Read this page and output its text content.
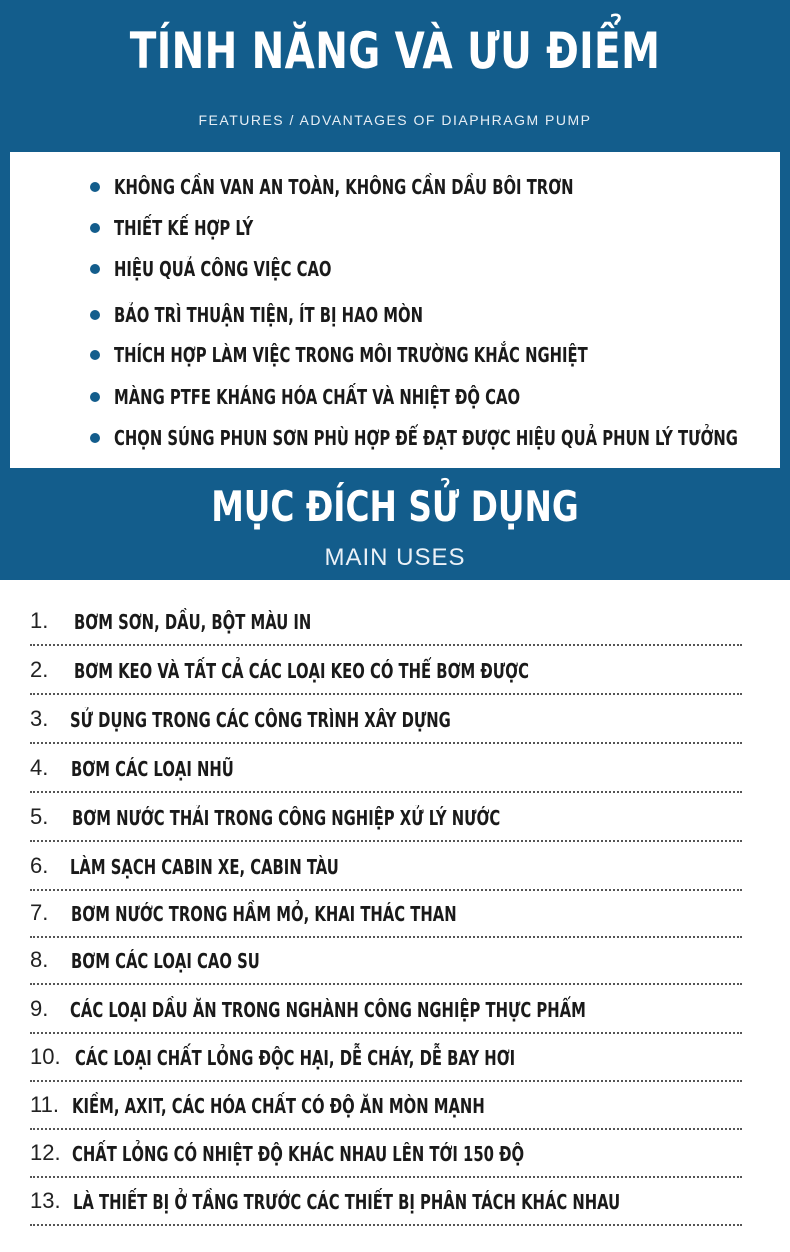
TÍNH NĂNG VÀ ƯU ĐIỂM
FEATURES / ADVANTAGES OF DIAPHRAGM PUMP
KHÔNG CẦN VAN AN TOÀN, KHÔNG CẦN DẦU BÔI TRƠN
THIẾT KẾ HỢP LÝ
HIỆU QUẢ CÔNG VIỆC CAO
BẢO TRÌ THUẬN TIỆN, ÍT BỊ HAO MÒN
THÍCH HỢP LÀM VIỆC TRONG MÔI TRƯỜNG KHẮC NGHIỆT
MÀNG PTFE KHÁNG HÓA CHẤT VÀ NHIỆT ĐỘ CAO
CHỌN SÚNG PHUN SƠN PHÙ HỢP ĐỂ ĐẠT ĐƯỢC HIỆU QUẢ PHUN LÝ TƯỞNG
MỤC ĐÍCH SỬ DỤNG
MAIN USES
1. BƠM SƠN, DẦU, BỘT MÀU IN
2. BƠM KEO VÀ TẤT CẢ CÁC LOẠI KEO CÓ THỂ BƠM ĐƯỢC
3. SỬ DỤNG TRONG CÁC CÔNG TRÌNH XÂY DỰNG
4. BƠM CÁC LOẠI NHŨ
5. BƠM NƯỚC THẢI TRONG CÔNG NGHIỆP XỬ LÝ NƯỚC
6. LÀM SẠCH CABIN XE, CABIN TÀU
7. BƠM NƯỚC TRONG HẦM MỎ, KHAI THÁC THAN
8. BƠM CÁC LOẠI CAO SU
9. CÁC LOẠI DẦU ĂN TRONG NGHÀNH CÔNG NGHIỆP THỰC PHẨM
10. CÁC LOẠI CHẤT LỎNG ĐỘC HẠI, DỄ CHÁY, DỄ BAY HƠI
11. KIỀM, AXIT, CÁC HÓA CHẤT CÓ ĐỘ ĂN MÒN MẠNH
12. CHẤT LỎNG CÓ NHIỆT ĐỘ KHÁC NHAU LÊN TỚI 150 ĐỘ
13. LÀ THIẾT BỊ Ở TẦNG TRƯỚC CÁC THIẾT BỊ PHÂN TÁCH KHÁC NHAU
